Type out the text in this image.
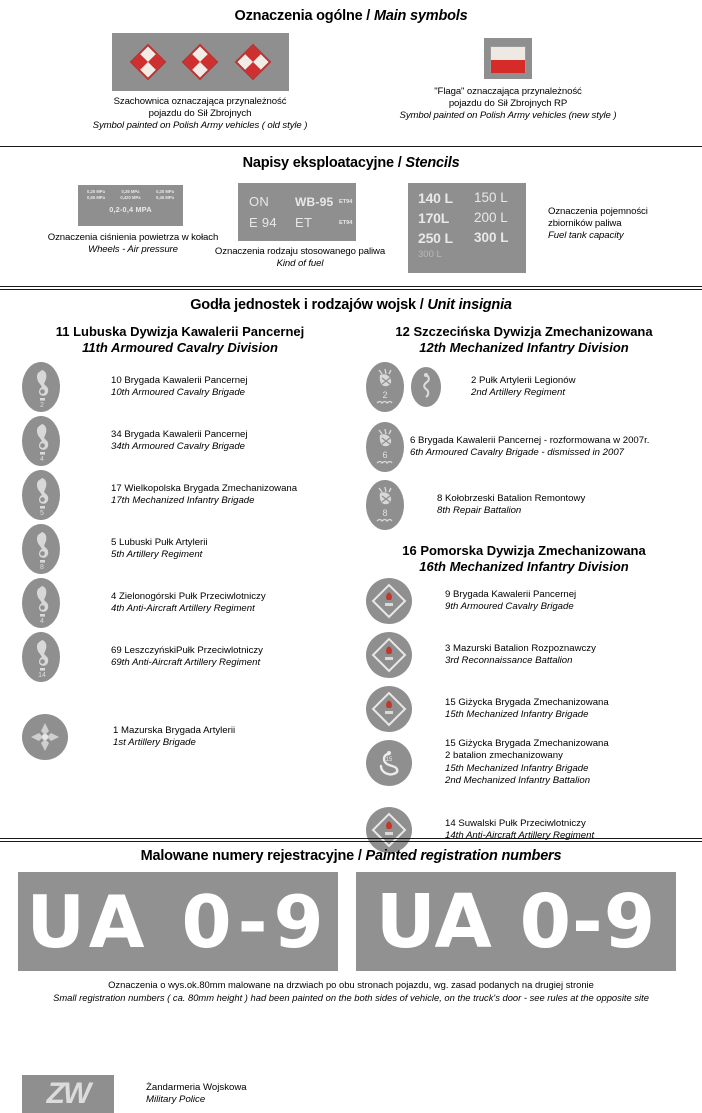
Oznaczenia ogólne / Main symbols
Szachownica oznaczająca przynależność
pojazdu do Sił Zbrojnych
Symbol painted on Polish Army vehicles ( old style )
"Flaga" oznaczająca przynależność
pojazdu do Sił Zbrojnych RP
Symbol painted on Polish Army vehicles (new style )
Napisy eksploatacyjne / Stencils
0,25 MPa	0,35 MPa	0,30 MPa
0,55 MPa	0,420 MPa	0,45 MPa
0,2-0,4 MPA
Oznaczenia ciśnienia powietrza w kołach
Wheels - Air pressure
ON	WB-95	ET94
E 94	ET	ET94
Oznaczenia rodzaju stosowanego paliwa
Kind of fuel
140 L	150 L
170L	200 L
250 L	300 L
300 L
Oznaczenia pojemności
zbiorników paliwa
Fuel tank capacity
Godła jednostek i rodzajów wojsk / Unit insignia
11 Lubuska Dywizja Kawalerii Pancernej
11th Armoured Cavalry Division
2
10 Brygada Kawalerii Pancernej
10th Armoured Cavalry Brigade
4
34 Brygada Kawalerii Pancernej
34th Armoured Cavalry Brigade
5
17 Wielkopolska Brygada Zmechanizowana
17th Mechanized Infantry Brigade
8
5 Lubuski Pułk Artylerii
5th Artillery Regiment
4
4 Zielonogórski Pułk Przeciwlotniczy
4th Anti-Aircraft Artillery Regiment
14
69 LeszczyńskiPułk Przeciwlotniczy
69th Anti-Aircraft Artillery Regiment
1 Mazurska Brygada Artylerii
1st Artillery Brigade
ZW	Żandarmeria Wojskowa
Military Police
12 Szczecińska Dywizja Zmechanizowana
12th Mechanized Infantry Division
2
2 Pułk Artylerii Legionów
2nd Artillery Regiment
6
6 Brygada Kawalerii Pancernej - rozformowana w 2007r.
6th Armoured Cavalry Brigade - dismissed in 2007
8
8 Kołobrzeski Batalion Remontowy
8th Repair Battalion
16 Pomorska Dywizja Zmechanizowana
16th Mechanized Infantry Division
9 Brygada Kawalerii Pancernej
9th Armoured Cavalry Brigade
3 Mazurski Batalion Rozpoznawczy
3rd Reconnaissance Battalion
15 Giżycka Brygada Zmechanizowana
15th Mechanized Infantry Brigade
15
15 Giżycka Brygada Zmechanizowana
2 batalion zmechanizowany
15th Mechanized Infantry Brigade
2nd Mechanized Infantry Battalion
14 Suwalski Pułk Przeciwlotniczy
14th Anti-Aircraft Artillery Regiment
Malowane numery rejestracyjne / Painted registration numbers
UA 0-9 UA 0-9
Oznaczenia o wys.ok.80mm malowane na drzwiach po obu stronach pojazdu, wg. zasad podanych na drugiej stronie
Small registration numbers ( ca. 80mm height ) had been painted on the both sides of vehicle, on the truck's door - see rules at the opposite site
